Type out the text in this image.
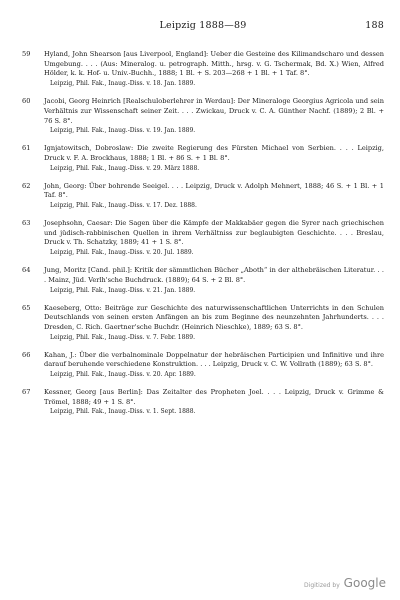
Leipzig 1888—89	188
59	Hyland, John Shearson [aus Liverpool, England]: Ueber die Gesteine des Kilimandscharo und dessen Umgebung. . . . (Aus: Mineralog. u. petrograph. Mitth., hrsg. v. G. Tschermak, Bd. X.) Wien, Alfred Hölder, k. k. Hof- u. Univ.-Buchh., 1888; 1 Bl. + S. 203—268 + 1 Bl. + 1 Taf. 8°.
Leipzig, Phil. Fak., Inaug.-Diss. v. 18. Jan. 1889.
60	Jacobi, Georg Heinrich [Realschuloberlehrer in Werdau]: Der Mineraloge Georgius Agricola und sein Verhältnis zur Wissenschaft seiner Zeit. . . . Zwickau, Druck v. C. A. Günther Nachf. (1889); 2 Bl. + 76 S. 8°.
Leipzig, Phil. Fak., Inaug.-Diss. v. 19. Jan. 1889.
61	Ignjatowitsch, Dobroslaw: Die zweite Regierung des Fürsten Michael von Serbien. . . . Leipzig, Druck v. F. A. Brockhaus, 1888; 1 Bl. + 86 S. + 1 Bl. 8°.
Leipzig, Phil. Fak., Inaug.-Diss. v. 29. März 1888.
62	John, Georg: Über bohrende Seeigel. . . . Leipzig, Druck v. Adolph Mehnert, 1888; 46 S. + 1 Bl. + 1 Taf. 8°.
Leipzig, Phil. Fak., Inaug.-Diss. v. 17. Dez. 1888.
63	Josephsohn, Caesar: Die Sagen über die Kämpfe der Makkabäer gegen die Syrer nach griechischen und jüdisch-rabbinischen Quellen in ihrem Verhältniss zur beglaubigten Geschichte. . . . Breslau, Druck v. Th. Schatzky, 1889; 41 + 1 S. 8°.
Leipzig, Phil. Fak., Inaug.-Diss. v. 20. Jul. 1889.
64	Jung, Moritz [Cand. phil.]: Kritik der sämmtlichen Bücher „Aboth“ in der althebräischen Literatur. . . . Mainz, Jüd. Verlh'sche Buchdruck. (1889); 64 S. + 2 Bl. 8°.
Leipzig, Phil. Fak., Inaug.-Diss. v. 21. Jan. 1889.
65	Kaeseberg, Otto: Beiträge zur Geschichte des naturwissenschaftlichen Unterrichts in den Schulen Deutschlands von seinen ersten Anfängen an bis zum Beginne des neunzehnten Jahrhunderts. . . . Dresden, C. Rich. Gaertner'sche Buchdr. (Heinrich Nieschke), 1889; 63 S. 8°.
Leipzig, Phil. Fak., Inaug.-Diss. v. 7. Febr. 1889.
66	Kahan, J.: Über die verbalnominale Doppelnatur der hebräischen Participien und Infinitive und ihre darauf beruhende verschiedene Konstruktion. . . . Leipzig, Druck v. C. W. Vollrath (1889); 63 S. 8°.
Leipzig, Phil. Fak., Inaug.-Diss. v. 20. Apr. 1889.
67	Kessner, Georg [aus Berlin]: Das Zeitalter des Propheten Joel. . . . Leipzig, Druck v. Grimme & Trömel, 1888; 49 + 1 S. 8°.
Leipzig, Phil. Fak., Inaug.-Diss. v. 1. Sept. 1888.
Digitized by Google
